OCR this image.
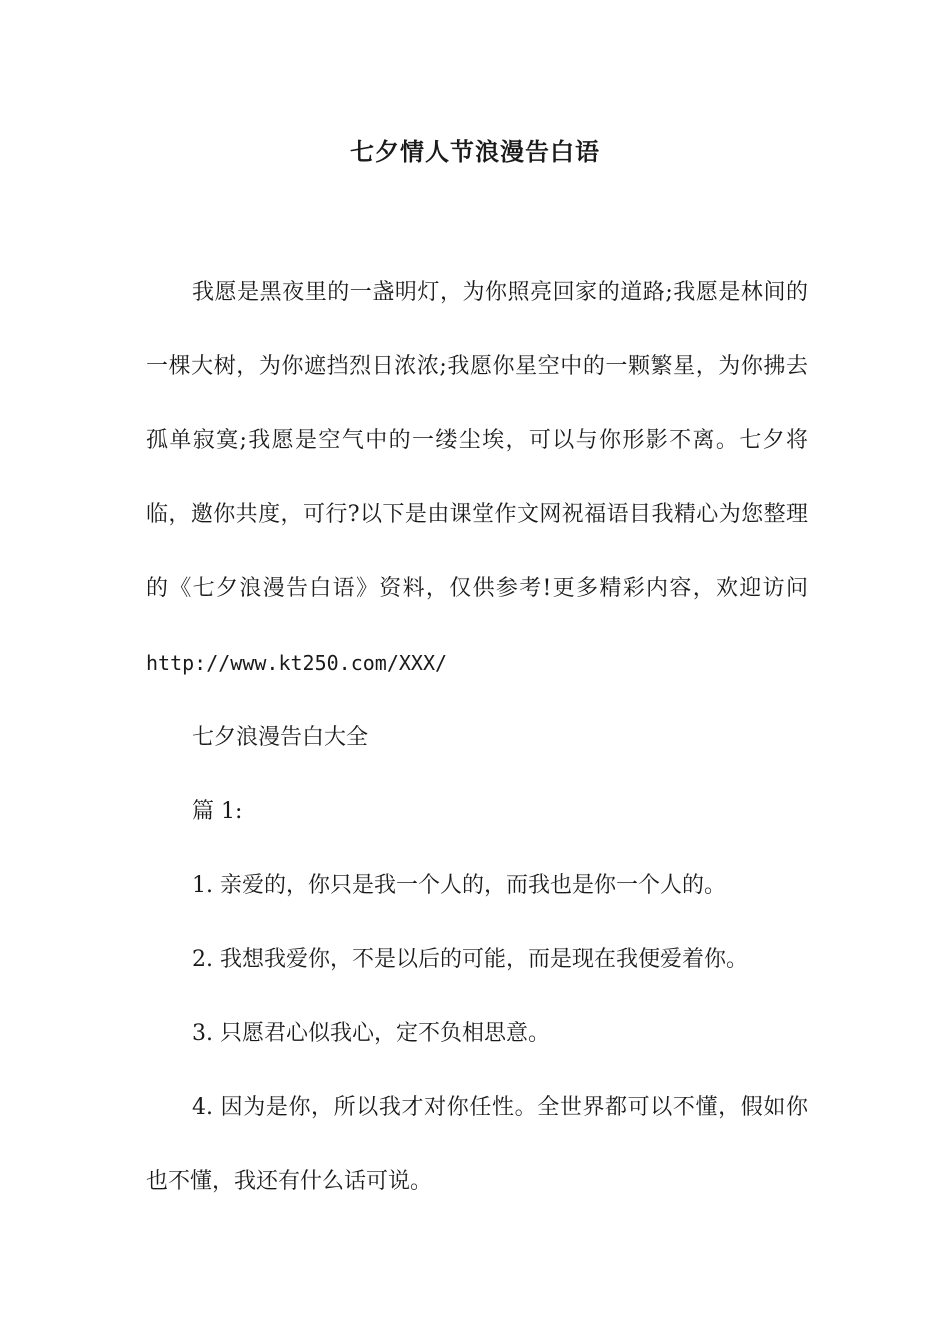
七夕情人节浪漫告白语

我愿是黑夜里的一盏明灯，为你照亮回家的道路;我愿是林间的一棵大树，为你遮挡烈日浓浓;我愿你星空中的一颗繁星，为你拂去孤单寂寞;我愿是空气中的一缕尘埃，可以与你形影不离。七夕将临，邀你共度，可行?以下是由课堂作文网祝福语目我精心为您整理的《七夕浪漫告白语》资料，仅供参考!更多精彩内容，欢迎访问http://www.kt250.com/XXX/

七夕浪漫告白大全

篇 1:

1. 亲爱的，你只是我一个人的，而我也是你一个人的。

2. 我想我爱你，不是以后的可能，而是现在我便爱着你。

3. 只愿君心似我心，定不负相思意。

4. 因为是你，所以我才对你任性。全世界都可以不懂，假如你也不懂，我还有什么话可说。
